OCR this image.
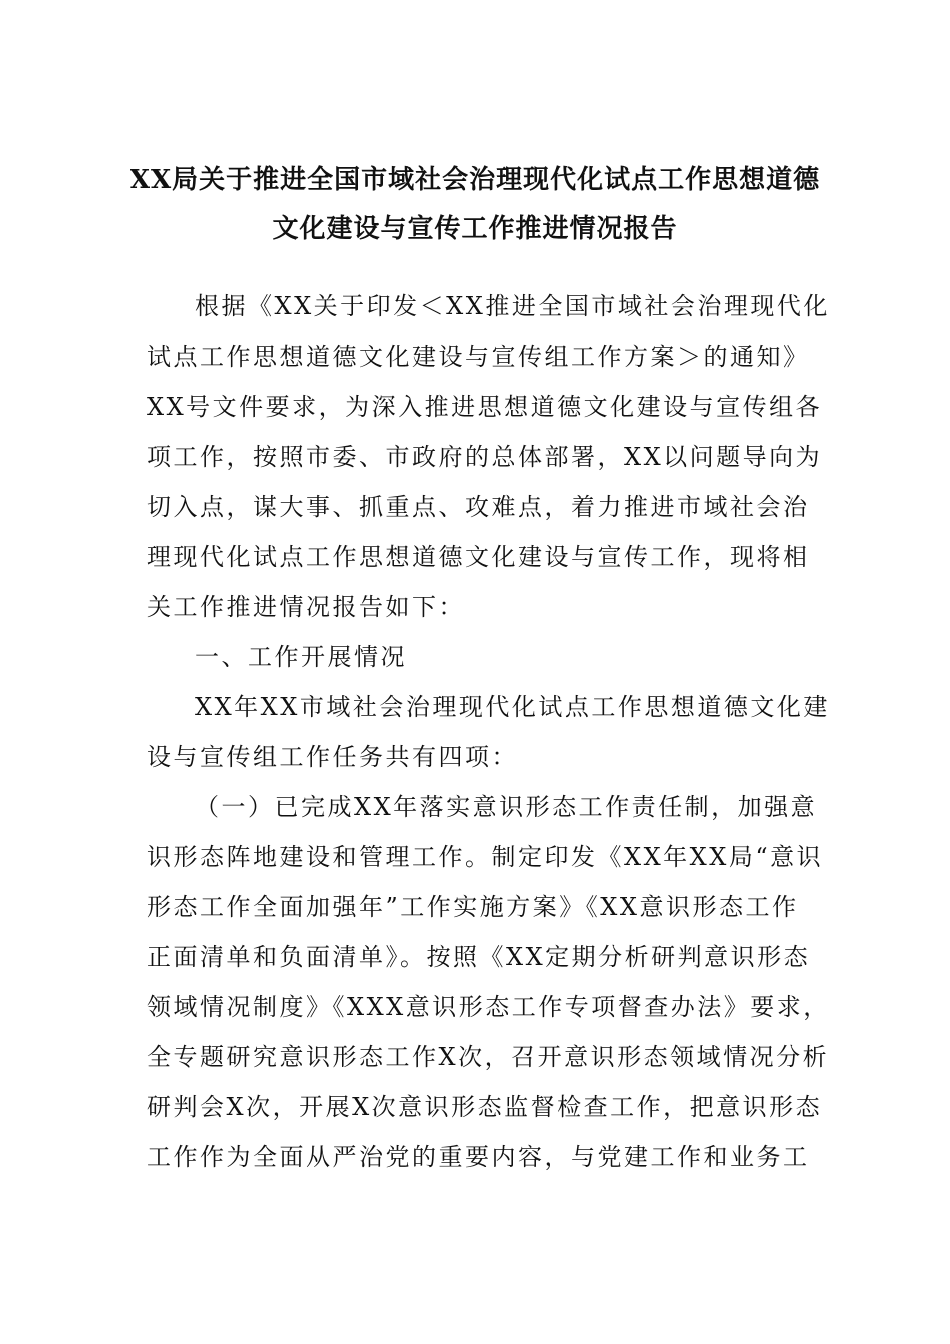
XX局关于推进全国市域社会治理现代化试点工作思想道德
文化建设与宣传工作推进情况报告
根据《XX关于印发＜XX推进全国市域社会治理现代化
试点工作思想道德文化建设与宣传组工作方案＞的通知》
XX号文件要求，为深入推进思想道德文化建设与宣传组各
项工作，按照市委、市政府的总体部署，XX以问题导向为
切入点，谋大事、抓重点、攻难点，着力推进市域社会治
理现代化试点工作思想道德文化建设与宣传工作，现将相
关工作推进情况报告如下：
一、工作开展情况
XX年XX市域社会治理现代化试点工作思想道德文化建
设与宣传组工作任务共有四项：
（一）已完成XX年落实意识形态工作责任制，加强意
识形态阵地建设和管理工作。制定印发《XX年XX局“意识
形态工作全面加强年”工作实施方案》《XX意识形态工作
正面清单和负面清单》。按照《XX定期分析研判意识形态
领域情况制度》《XXX意识形态工作专项督查办法》要求，
全专题研究意识形态工作X次，召开意识形态领域情况分析
研判会X次，开展X次意识形态监督检查工作，把意识形态
工作作为全面从严治党的重要内容，与党建工作和业务工
